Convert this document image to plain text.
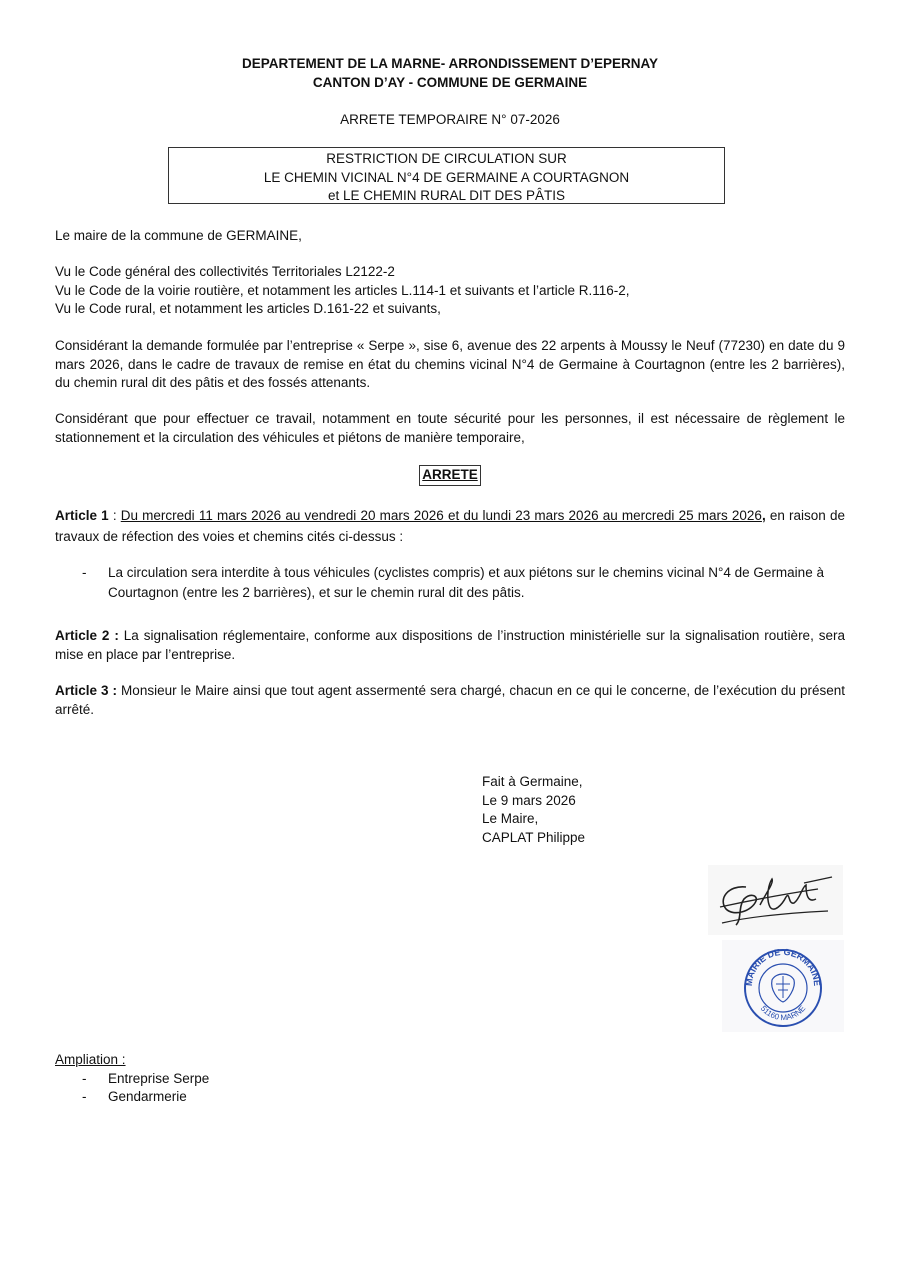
DEPARTEMENT DE LA MARNE- ARRONDISSEMENT D’EPERNAY
CANTON D’AY - COMMUNE DE GERMAINE
ARRETE TEMPORAIRE N° 07-2026
RESTRICTION DE CIRCULATION SUR
LE CHEMIN VICINAL N°4 DE GERMAINE A COURTAGNON
et LE CHEMIN RURAL DIT DES PÂTIS
Le maire de la commune de GERMAINE,
Vu le Code général des collectivités Territoriales L2122-2
Vu le Code de la voirie routière, et notamment les articles L.114-1 et suivants et l’article R.116-2,
Vu le Code rural, et notamment les articles D.161-22 et suivants,
Considérant la demande formulée par l’entreprise « Serpe », sise 6, avenue des 22 arpents à Moussy le Neuf (77230) en date du 9 mars 2026, dans le cadre de travaux de remise en état du chemins vicinal N°4 de Germaine à Courtagnon (entre les 2 barrières), du chemin rural dit des pâtis et des fossés attenants.
Considérant que pour effectuer ce travail, notamment en toute sécurité pour les personnes, il est nécessaire de règlement le stationnement et la circulation des véhicules et piétons de manière temporaire,
ARRETE
Article 1 : Du mercredi 11 mars 2026 au vendredi 20 mars 2026 et du lundi 23 mars 2026 au mercredi 25 mars 2026, en raison de travaux de réfection des voies et chemins cités ci-dessus :
- La circulation sera interdite à tous véhicules (cyclistes compris) et aux piétons sur le chemins vicinal N°4 de Germaine à Courtagnon (entre les 2 barrières), et sur le chemin rural dit des pâtis.
Article 2 : La signalisation réglementaire, conforme aux dispositions de l’instruction ministérielle sur la signalisation routière, sera mise en place par l’entreprise.
Article 3 : Monsieur le Maire ainsi que tout agent assermenté sera chargé, chacun en ce qui le concerne, de l’exécution du présent arrêté.
Fait à Germaine,
Le 9 mars 2026
Le Maire,
CAPLAT Philippe
MAIRIE DE GERMAINE
51160 MARNE
Ampliation :
- Entreprise Serpe
- Gendarmerie
